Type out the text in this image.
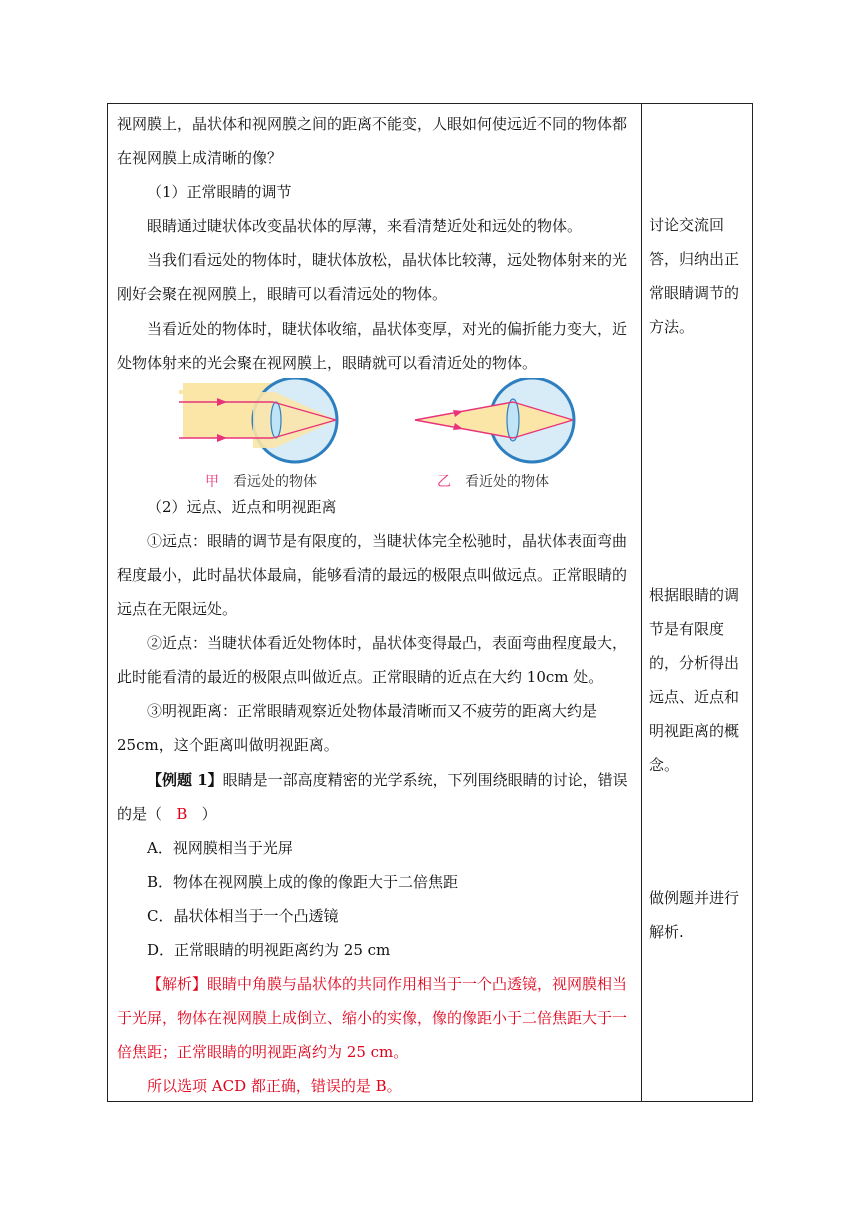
视网膜上，晶状体和视网膜之间的距离不能变，人眼如何使远近不同的物体都
在视网膜上成清晰的像？
（1）正常眼睛的调节
眼睛通过睫状体改变晶状体的厚薄，来看清楚近处和远处的物体。
当我们看远处的物体时，睫状体放松，晶状体比较薄，远处物体射来的光
刚好会聚在视网膜上，眼睛可以看清远处的物体。
当看近处的物体时，睫状体收缩，晶状体变厚，对光的偏折能力变大，近
处物体射来的光会聚在视网膜上，眼睛就可以看清近处的物体。
甲 看远处的物体	乙 看近处的物体
（2）远点、近点和明视距离
①远点：眼睛的调节是有限度的，当睫状体完全松驰时，晶状体表面弯曲
程度最小，此时晶状体最扁，能够看清的最远的极限点叫做远点。正常眼睛的
远点在无限远处。
②近点：当睫状体看近处物体时，晶状体变得最凸，表面弯曲程度最大，
此时能看清的最近的极限点叫做近点。正常眼睛的近点在大约 10cm 处。
③明视距离：正常眼睛观察近处物体最清晰而又不疲劳的距离大约是
25cm，这个距离叫做明视距离。
【例题 1】眼睛是一部高度精密的光学系统，下列围绕眼睛的讨论，错误
的是（ B ）
A．视网膜相当于光屏
B．物体在视网膜上成的像的像距大于二倍焦距
C．晶状体相当于一个凸透镜
D．正常眼睛的明视距离约为 25 cm
【解析】眼睛中角膜与晶状体的共同作用相当于一个凸透镜，视网膜相当
于光屏，物体在视网膜上成倒立、缩小的实像，像的像距小于二倍焦距大于一
倍焦距；正常眼睛的明视距离约为 25 cm。
所以选项 ACD 都正确，错误的是 B。
讨论交流回
答，归纳出正
常眼睛调节的
方法。
根据眼睛的调
节是有限度
的，分析得出
远点、近点和
明视距离的概
念。
做例题并进行
解析.
